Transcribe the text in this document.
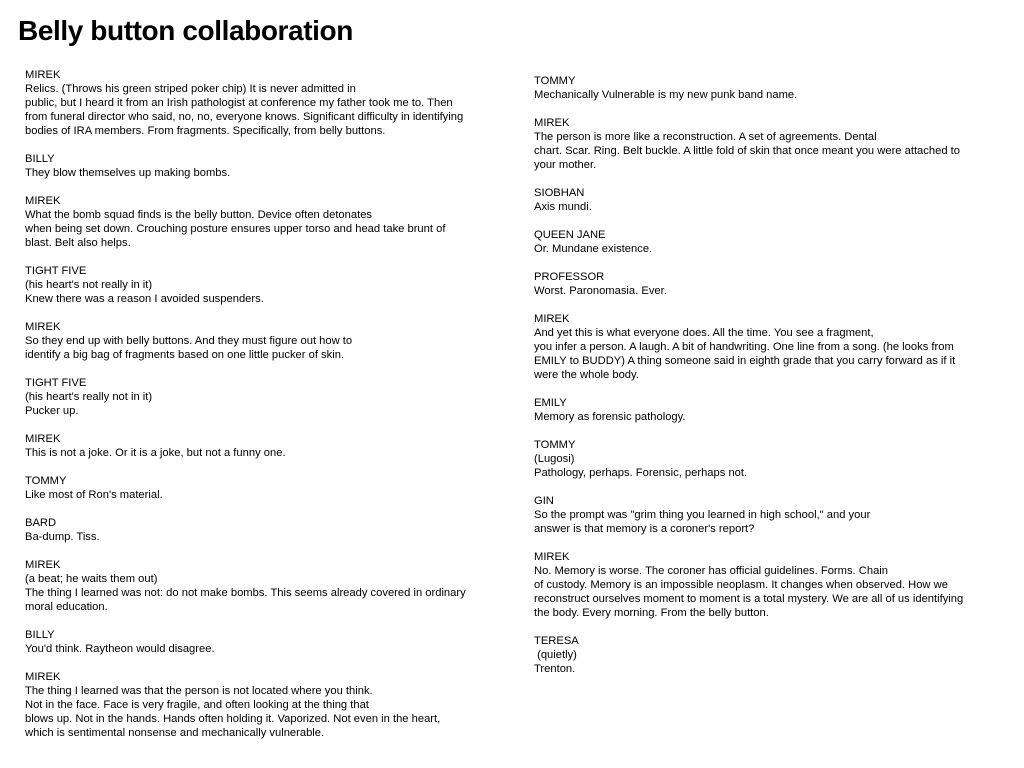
Belly button collaboration
MIREK
Relics. (Throws his green striped poker chip) It is never admitted in
public, but I heard it from an Irish pathologist at conference my father took me to. Then
from funeral director who said, no, no, everyone knows. Significant difficulty in identifying
bodies of IRA members. From fragments. Specifically, from belly buttons.
BILLY
They blow themselves up making bombs.
MIREK
What the bomb squad finds is the belly button. Device often detonates
when being set down. Crouching posture ensures upper torso and head take brunt of
blast. Belt also helps.
TIGHT FIVE
(his heart's not really in it)
Knew there was a reason I avoided suspenders.
MIREK
So they end up with belly buttons. And they must figure out how to
identify a big bag of fragments based on one little pucker of skin.
TIGHT FIVE
(his heart's really not in it)
Pucker up.
MIREK
This is not a joke. Or it is a joke, but not a funny one.
TOMMY
Like most of Ron's material.
BARD
Ba-dump. Tiss.
MIREK
(a beat; he waits them out)
The thing I learned was not: do not make bombs. This seems already covered in ordinary
moral education.
BILLY
You'd think. Raytheon would disagree.
MIREK
The thing I learned was that the person is not located where you think.
Not in the face. Face is very fragile, and often looking at the thing that
blows up. Not in the hands. Hands often holding it. Vaporized. Not even in the heart,
which is sentimental nonsense and mechanically vulnerable.
TOMMY
Mechanically Vulnerable is my new punk band name.
MIREK
The person is more like a reconstruction. A set of agreements. Dental
chart. Scar. Ring. Belt buckle. A little fold of skin that once meant you were attached to
your mother.
SIOBHAN
Axis mundi.
QUEEN JANE
Or. Mundane existence.
PROFESSOR
Worst. Paronomasia. Ever.
MIREK
And yet this is what everyone does. All the time. You see a fragment,
you infer a person. A laugh. A bit of handwriting. One line from a song. (he looks from
EMILY to BUDDY) A thing someone said in eighth grade that you carry forward as if it
were the whole body.
EMILY
Memory as forensic pathology.
TOMMY
(Lugosi)
Pathology, perhaps. Forensic, perhaps not.
GIN
So the prompt was "grim thing you learned in high school," and your
answer is that memory is a coroner's report?
MIREK
No. Memory is worse. The coroner has official guidelines. Forms. Chain
of custody. Memory is an impossible neoplasm. It changes when observed. How we
reconstruct ourselves moment to moment is a total mystery. We are all of us identifying
the body. Every morning. From the belly button.
TERESA
(quietly)
Trenton.
